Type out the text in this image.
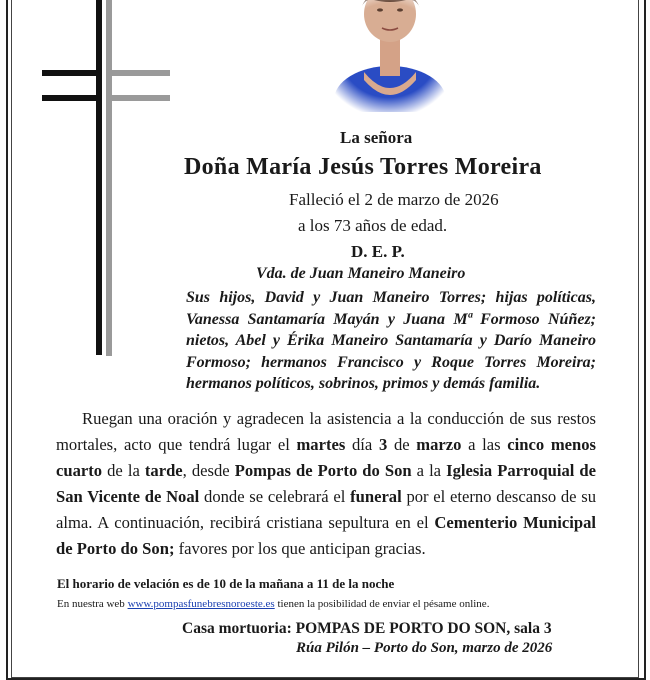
La señora
Doña María Jesús Torres Moreira
Falleció el 2 de marzo de 2026
a los 73 años de edad.
D. E. P.
Vda. de Juan Maneiro Maneiro
Sus hijos, David y Juan Maneiro Torres; hijas políticas, Vanessa Santamaría Mayán y Juana Mª Formoso Núñez; nietos, Abel y Érika Maneiro Santamaría y Darío Maneiro Formoso; hermanos Francisco y Roque Torres Moreira; hermanos políticos, sobrinos, primos y demás familia.
Ruegan una oración y agradecen la asistencia a la conducción de sus restos mortales, acto que tendrá lugar el martes día 3 de marzo a las cinco menos cuarto de la tarde, desde Pompas de Porto do Son a la Iglesia Parroquial de San Vicente de Noal donde se celebrará el funeral por el eterno descanso de su alma. A continuación, recibirá cristiana sepultura en el Cementerio Municipal de Porto do Son; favores por los que anticipan gracias.
El horario de velación es de 10 de la mañana a 11 de la noche
En nuestra web www.pompasfunebresnoroeste.es tienen la posibilidad de enviar el pésame online.
Casa mortuoria: POMPAS DE PORTO DO SON, sala 3
Rúa Pilón – Porto do Son, marzo de 2026
